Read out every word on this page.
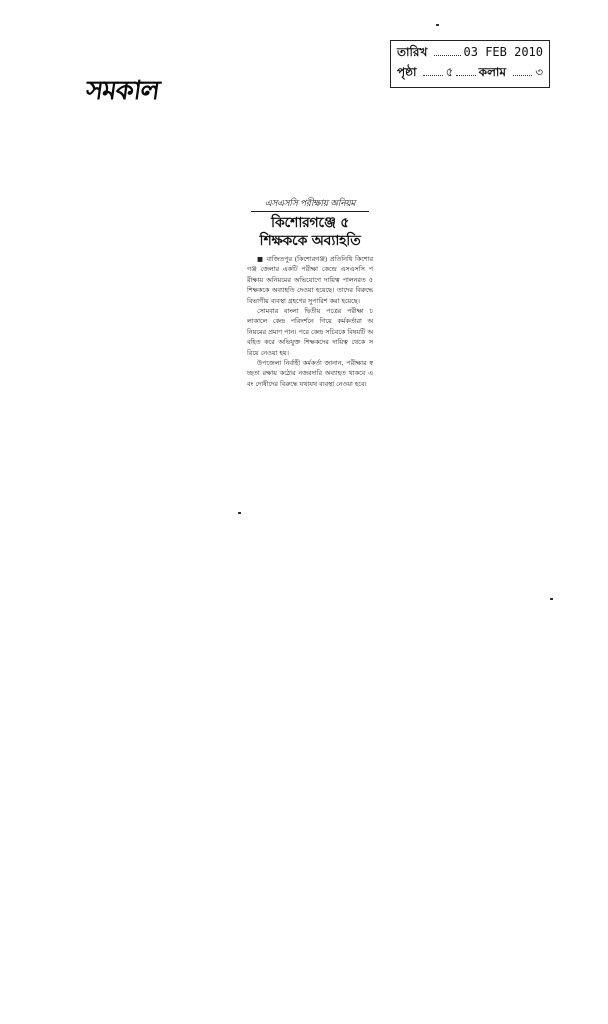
সমকাল
তারিখ	03 FEB 2010
পৃষ্ঠা ৫ কলাম ৩
এসএসসি পরীক্ষায় অনিয়ম
কিশোরগঞ্জে ৫
শিক্ষককে অব্যাহতি

■ বাজিতপুর (কিশোরগঞ্জ) প্রতিনিধি কিশোরগঞ্জ জেলার একটি পরীক্ষা কেন্দ্রে এসএসসি পরীক্ষায় অনিয়মের অভিযোগে দায়িত্ব পালনরত ৫ শিক্ষককে অব্যাহতি দেওয়া হয়েছে। তাদের বিরুদ্ধে বিভাগীয় ব্যবস্থা গ্রহণের সুপারিশ করা হয়েছে।

সোমবার বাংলা দ্বিতীয় পত্রের পরীক্ষা চলাকালে কেন্দ্র পরিদর্শনে গিয়ে কর্মকর্তারা অনিয়মের প্রমাণ পান। পরে কেন্দ্র সচিবকে বিষয়টি অবহিত করে অভিযুক্ত শিক্ষকদের দায়িত্ব থেকে সরিয়ে নেওয়া হয়।

উপজেলা নির্বাহী কর্মকর্তা জানান, পরীক্ষার স্বচ্ছতা রক্ষায় কঠোর নজরদারি অব্যাহত থাকবে এবং দোষীদের বিরুদ্ধে যথাযথ ব্যবস্থা নেওয়া হবে।
